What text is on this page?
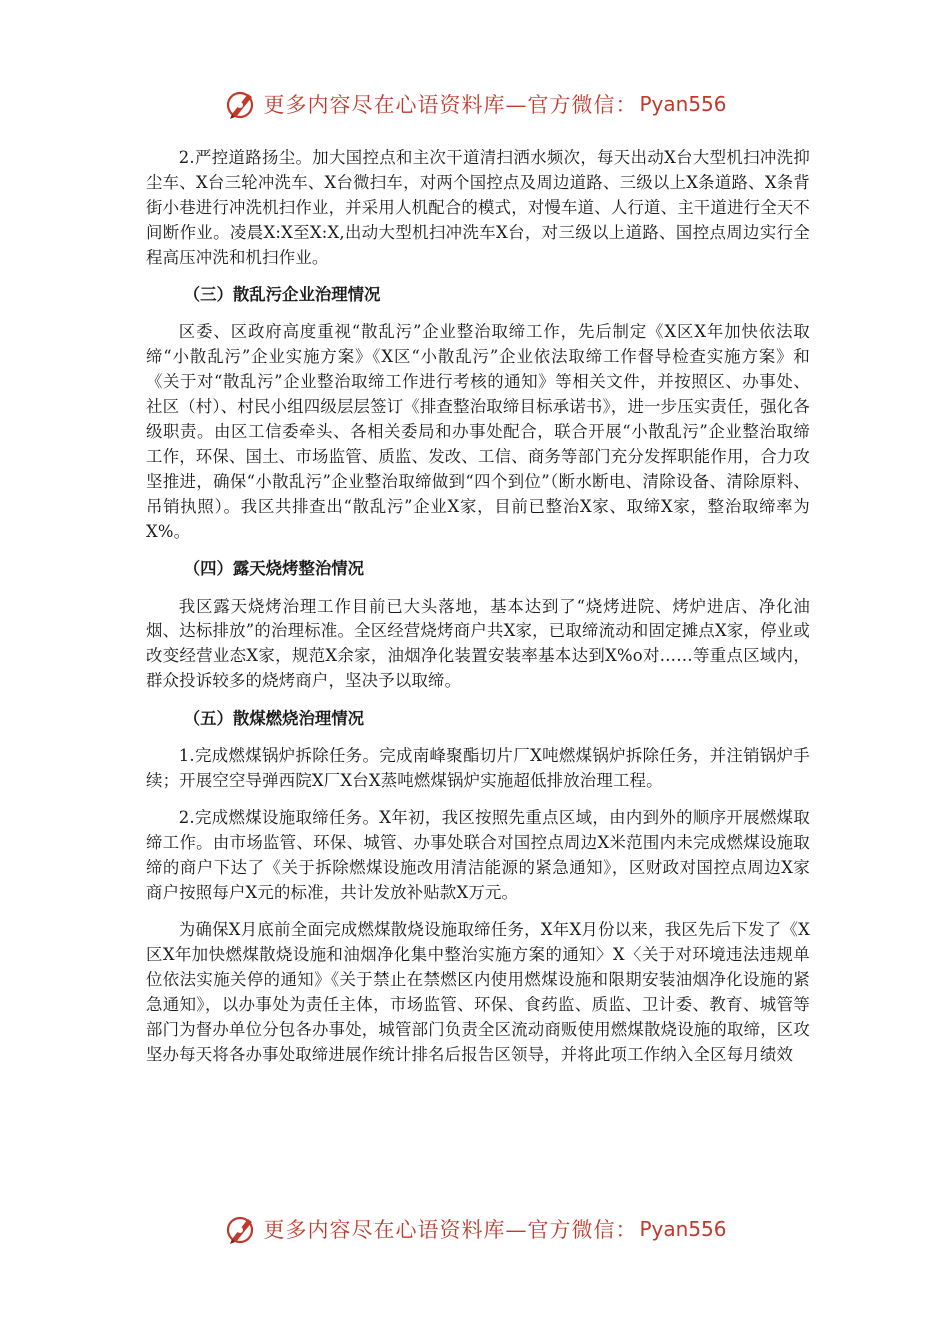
更多内容尽在心语资料库—官方微信： Pyan556

2.严控道路扬尘。加大国控点和主次干道清扫洒水频次，每天出动X台大型机扫冲洗抑尘车、X台三轮冲洗车、X台微扫车，对两个国控点及周边道路、三级以上X条道路、X条背街小巷进行冲洗机扫作业，并采用人机配合的模式，对慢车道、人行道、主干道进行全天不间断作业。凌晨X:X至X:X,出动大型机扫冲洗车X台，对三级以上道路、国控点周边实行全程高压冲洗和机扫作业。

（三）散乱污企业治理情况

区委、区政府高度重视“散乱污”企业整治取缔工作，先后制定《X区X年加快依法取缔“小散乱污”企业实施方案》《X区“小散乱污”企业依法取缔工作督导检查实施方案》和《关于对“散乱污”企业整治取缔工作进行考核的通知》等相关文件，并按照区、办事处、社区（村）、村民小组四级层层签订《排查整治取缔目标承诺书》，进一步压实责任，强化各级职责。由区工信委牵头、各相关委局和办事处配合，联合开展“小散乱污”企业整治取缔工作，环保、国土、市场监管、质监、发改、工信、商务等部门充分发挥职能作用，合力攻坚推进，确保“小散乱污”企业整治取缔做到“四个到位”（断水断电、清除设备、清除原料、吊销执照）。我区共排查出“散乱污”企业X家，目前已整治X家、取缔X家，整治取缔率为X%。

（四）露天烧烤整治情况

我区露天烧烤治理工作目前已大头落地，基本达到了“烧烤进院、烤炉进店、净化油烟、达标排放”的治理标准。全区经营烧烤商户共X家，已取缔流动和固定摊点X家，停业或改变经营业态X家，规范X余家，油烟净化装置安装率基本达到X%o对……等重点区域内，群众投诉较多的烧烤商户，坚决予以取缔。

（五）散煤燃烧治理情况

1.完成燃煤锅炉拆除任务。完成南峰聚酯切片厂X吨燃煤锅炉拆除任务，并注销锅炉手续；开展空空导弹西院X厂X台X蒸吨燃煤锅炉实施超低排放治理工程。

2.完成燃煤设施取缔任务。X年初，我区按照先重点区域，由内到外的顺序开展燃煤取缔工作。由市场监管、环保、城管、办事处联合对国控点周边X米范围内未完成燃煤设施取缔的商户下达了《关于拆除燃煤设施改用清洁能源的紧急通知》，区财政对国控点周边X家商户按照每户X元的标准，共计发放补贴款X万元。

为确保X月底前全面完成燃煤散烧设施取缔任务，X年X月份以来，我区先后下发了《X区X年加快燃煤散烧设施和油烟净化集中整治实施方案的通知〉X〈关于对环境违法违规单位依法实施关停的通知》《关于禁止在禁燃区内使用燃煤设施和限期安装油烟净化设施的紧急通知》，以办事处为责任主体，市场监管、环保、食药监、质监、卫计委、教育、城管等部门为督办单位分包各办事处，城管部门负责全区流动商贩使用燃煤散烧设施的取缔，区攻坚办每天将各办事处取缔进展作统计排名后报告区领导，并将此项工作纳入全区每月绩效

更多内容尽在心语资料库—官方微信： Pyan556
